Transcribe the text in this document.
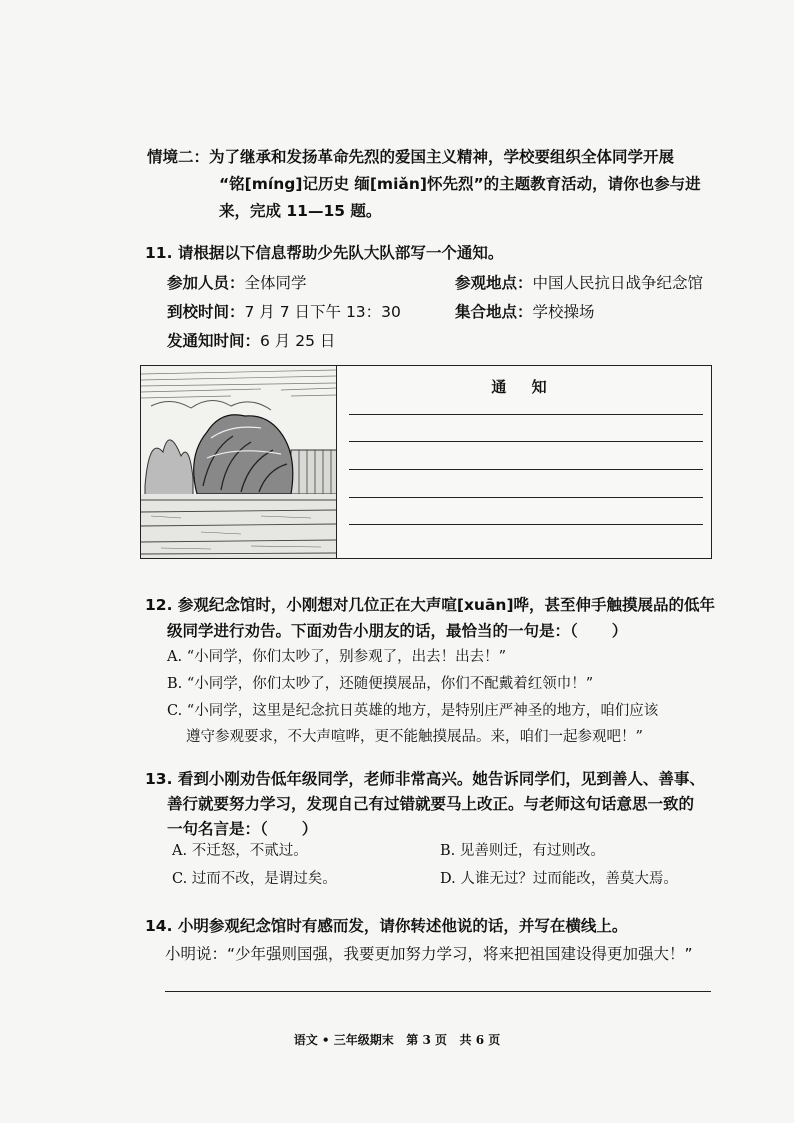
情境二：为了继承和发扬革命先烈的爱国主义精神，学校要组织全体同学开展
“铭[míng]记历史 缅[miǎn]怀先烈”的主题教育活动，请你也参与进
来，完成 11—15 题。
11. 请根据以下信息帮助少先队大队部写一个通知。
参加人员：全体同学	参观地点：中国人民抗日战争纪念馆
到校时间：7 月 7 日下午 13：30	集合地点：学校操场
发通知时间：6 月 25 日
通 知
12. 参观纪念馆时，小刚想对几位正在大声喧[xuān]哗，甚至伸手触摸展品的低年
级同学进行劝告。下面劝告小朋友的话，最恰当的一句是：（ ）
A. “小同学，你们太吵了，别参观了，出去！出去！”
B. “小同学，你们太吵了，还随便摸展品，你们不配戴着红领巾！”
C. “小同学，这里是纪念抗日英雄的地方，是特别庄严神圣的地方，咱们应该
遵守参观要求，不大声喧哗，更不能触摸展品。来，咱们一起参观吧！”
13. 看到小刚劝告低年级同学，老师非常高兴。她告诉同学们，见到善人、善事、
善行就要努力学习，发现自己有过错就要马上改正。与老师这句话意思一致的
一句名言是：（ ）
A. 不迁怒，不贰过。	B. 见善则迁，有过则改。
C. 过而不改，是谓过矣。	D. 人谁无过？过而能改，善莫大焉。
14. 小明参观纪念馆时有感而发，请你转述他说的话，并写在横线上。
小明说：“少年强则国强，我要更加努力学习，将来把祖国建设得更加强大！”
语文 • 三年级期末   第 3 页   共 6 页
